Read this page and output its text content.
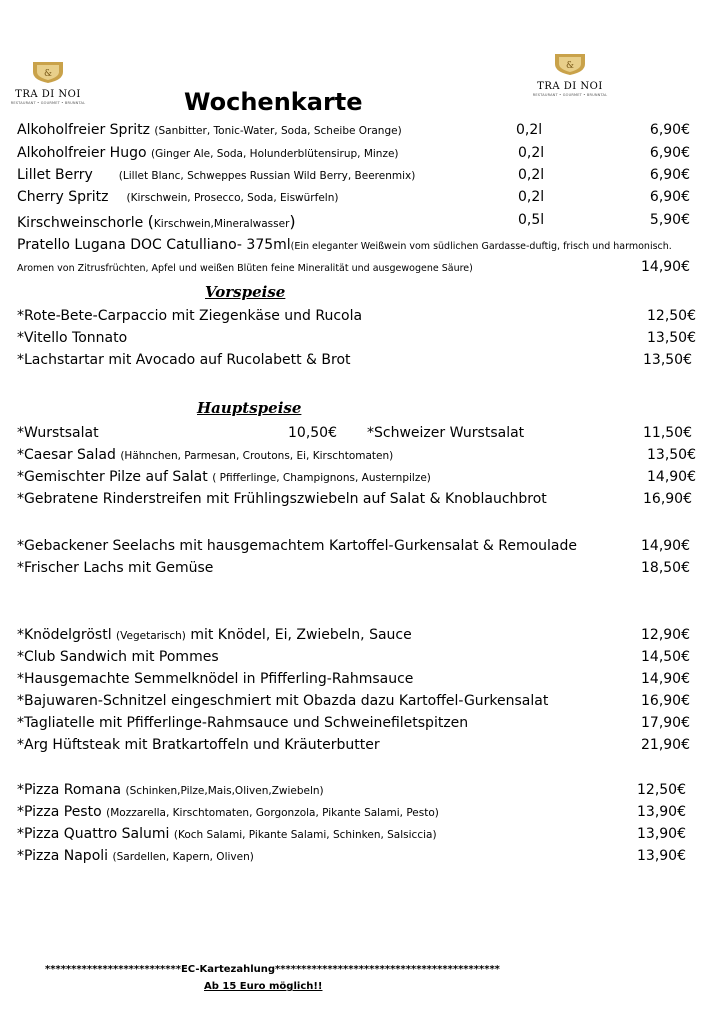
&
TRA DI NOI
RESTAURANT • GOURMET • BRUNNTAL
&
TRA DI NOI
RESTAURANT • GOURMET • BRUNNTAL
Wochenkarte
Alkoholfreier Spritz (Sanbitter, Tonic-Water, Soda, Scheibe Orange)	0,2l	6,90€
Alkoholfreier Hugo (Ginger Ale, Soda, Holunderblütensirup, Minze)	0,2l	6,90€
Lillet Berry (Lillet Blanc, Schweppes Russian Wild Berry, Beerenmix)	0,2l	6,90€
Cherry Spritz (Kirschwein, Prosecco, Soda, Eiswürfeln)	0,2l	6,90€
Kirschweinschorle (Kirschwein,Mineralwasser)	0,5l	5,90€
Pratello Lugana DOC Catulliano- 375ml(Ein eleganter Weißwein vom südlichen Gardasse-duftig, frisch und harmonisch.
Aromen von Zitrusfrüchten, Apfel und weißen Blüten feine Mineralität und ausgewogene Säure)	14,90€
Vorspeise
*Rote-Bete-Carpaccio mit Ziegenkäse und Rucola	12,50€
*Vitello Tonnato	13,50€
*Lachstartar mit Avocado auf Rucolabett & Brot	13,50€
Hauptspeise
*Wurstsalat	10,50€ *Schweizer Wurstsalat	11,50€
*Caesar Salad (Hähnchen, Parmesan, Croutons, Ei, Kirschtomaten)	13,50€
*Gemischter Pilze auf Salat ( Pfifferlinge, Champignons, Austernpilze)	14,90€
*Gebratene Rinderstreifen mit Frühlingszwiebeln auf Salat & Knoblauchbrot	16,90€
*Gebackener Seelachs mit hausgemachtem Kartoffel-Gurkensalat & Remoulade	14,90€
*Frischer Lachs mit Gemüse	18,50€
*Knödelgröstl (Vegetarisch) mit Knödel, Ei, Zwiebeln, Sauce	12,90€
*Club Sandwich mit Pommes	14,50€
*Hausgemachte Semmelknödel in Pfifferling-Rahmsauce	14,90€
*Bajuwaren-Schnitzel eingeschmiert mit Obazda dazu Kartoffel-Gurkensalat	16,90€
*Tagliatelle mit Pfifferlinge-Rahmsauce und Schweinefiletspitzen	17,90€
*Arg Hüftsteak mit Bratkartoffeln und Kräuterbutter	21,90€
*Pizza Romana (Schinken,Pilze,Mais,Oliven,Zwiebeln)	12,50€
*Pizza Pesto (Mozzarella, Kirschtomaten, Gorgonzola, Pikante Salami, Pesto)	13,90€
*Pizza Quattro Salumi (Koch Salami, Pikante Salami, Schinken, Salsiccia)	13,90€
*Pizza Napoli (Sardellen, Kapern, Oliven)	13,90€
**************************EC-Kartezahlung*******************************************
Ab 15 Euro möglich!!
